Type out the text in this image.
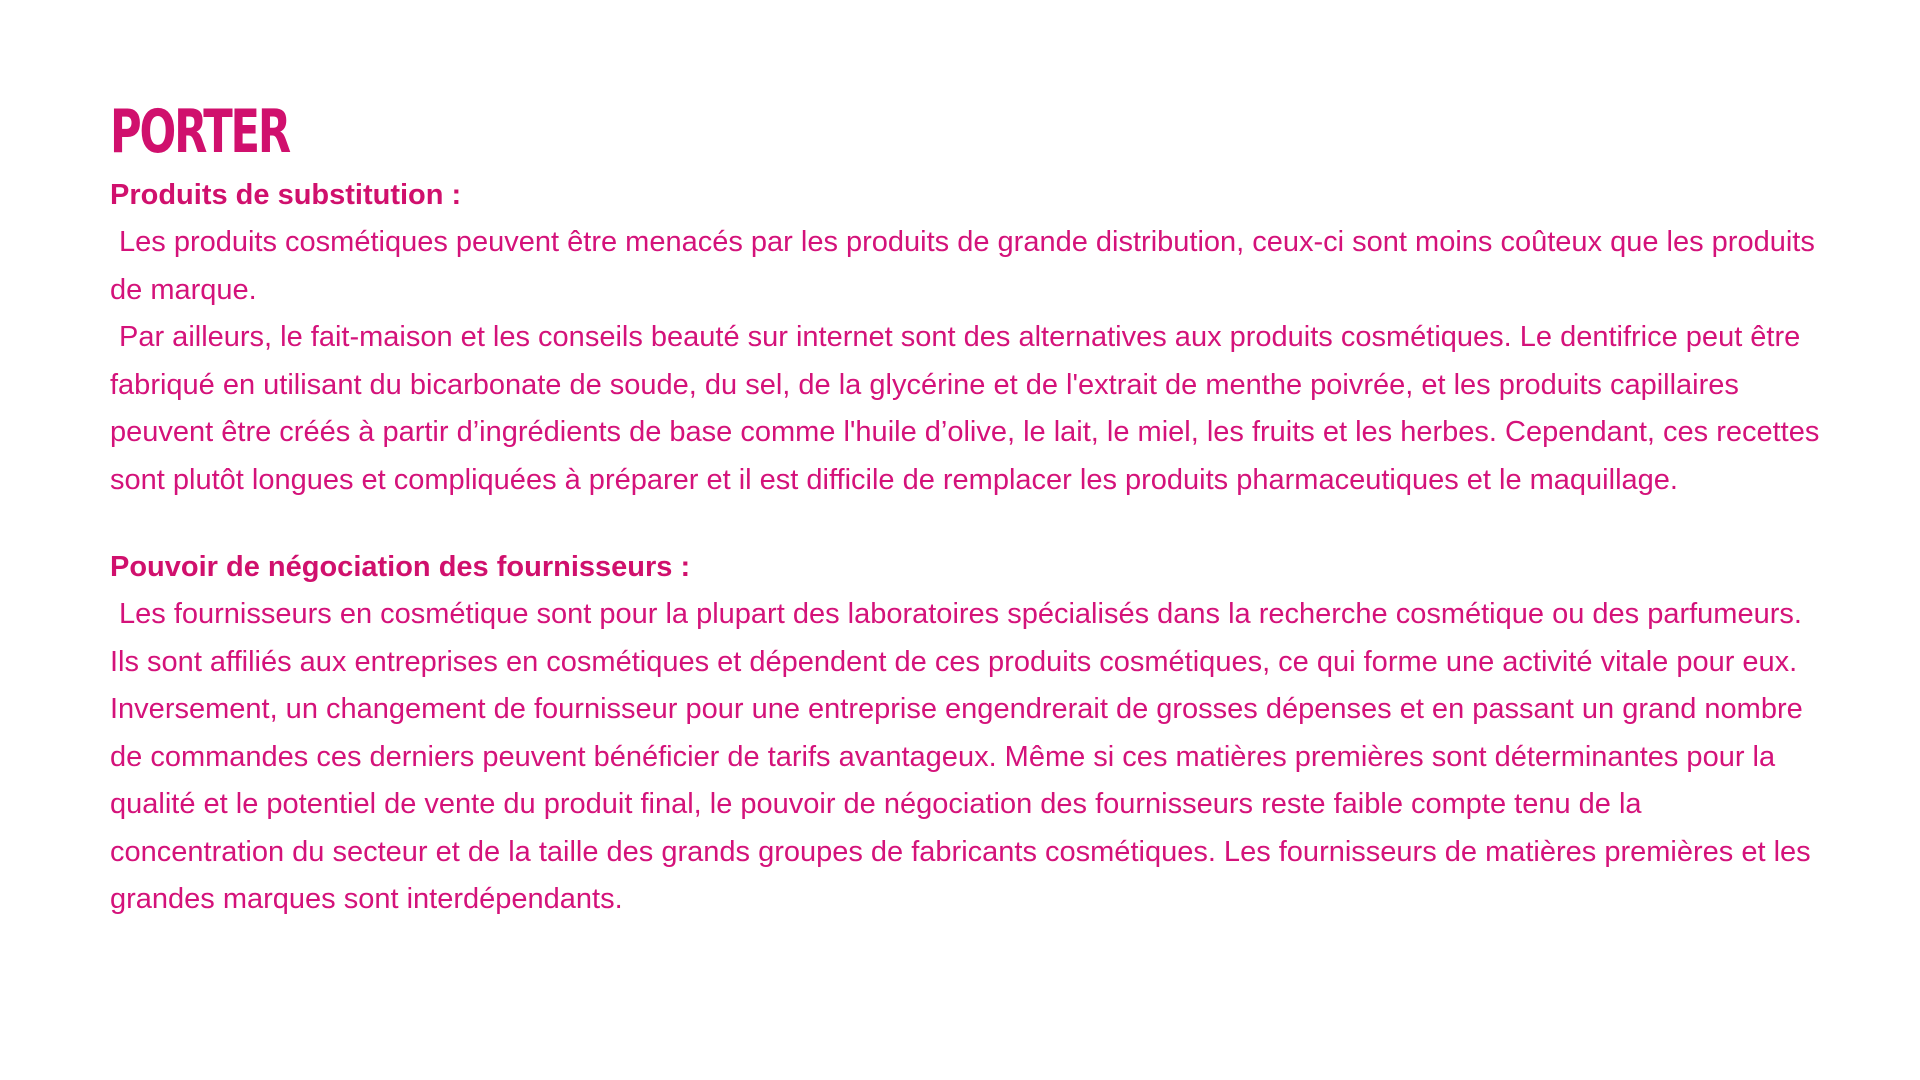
PORTER
Produits de substitution :

Les produits cosmétiques peuvent être menacés par les produits de grande distribution, ceux-ci sont moins coûteux que les produits de marque.

Par ailleurs, le fait-maison et les conseils beauté sur internet sont des alternatives aux produits cosmétiques. Le dentifrice peut être fabriqué en utilisant du bicarbonate de soude, du sel, de la glycérine et de l'extrait de menthe poivrée, et les produits capillaires peuvent être créés à partir d’ingrédients de base comme l'huile d’olive, le lait, le miel, les fruits et les herbes. Cependant, ces recettes sont plutôt longues et compliquées à préparer et il est difficile de remplacer les produits pharmaceutiques et le maquillage.

Pouvoir de négociation des fournisseurs :

Les fournisseurs en cosmétique sont pour la plupart des laboratoires spécialisés dans la recherche cosmétique ou des parfumeurs. Ils sont affiliés aux entreprises en cosmétiques et dépendent de ces produits cosmétiques, ce qui forme une activité vitale pour eux. Inversement, un changement de fournisseur pour une entreprise engendrerait de grosses dépenses et en passant un grand nombre de commandes ces derniers peuvent bénéficier de tarifs avantageux. Même si ces matières premières sont déterminantes pour la qualité et le potentiel de vente du produit final, le pouvoir de négociation des fournisseurs reste faible compte tenu de la concentration du secteur et de la taille des grands groupes de fabricants cosmétiques. Les fournisseurs de matières premières et les grandes marques sont interdépendants.
